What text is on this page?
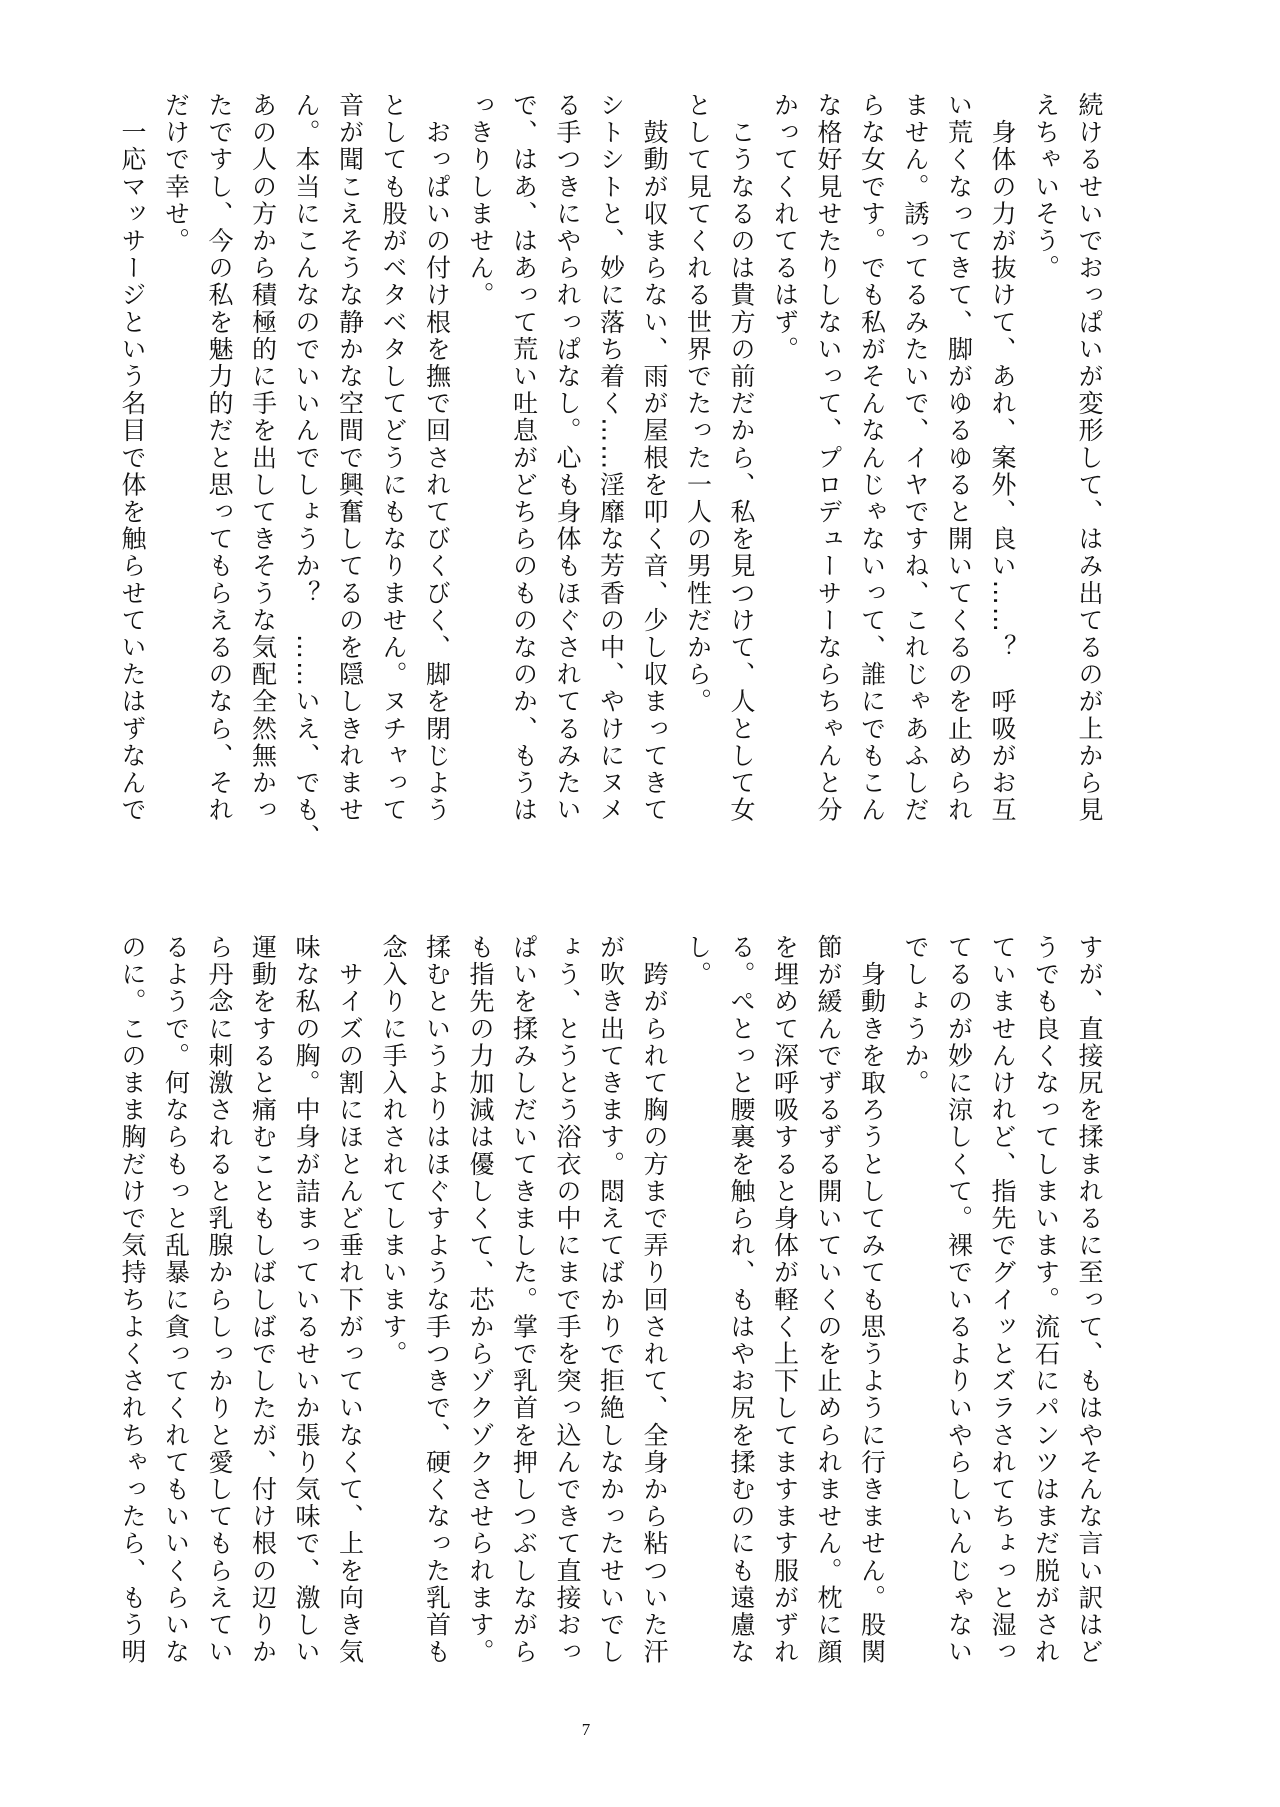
続けるせいでおっぱいが変形して、はみ出てるのが上から見
えちゃいそう。
　身体の力が抜けて、あれ、案外、良い……？　呼吸がお互
い荒くなってきて、脚がゆるゆると開いてくるのを止められ
ません。誘ってるみたいで、イヤですね、これじゃあふしだ
らな女です。でも私がそんなんじゃないって、誰にでもこん
な格好見せたりしないって、プロデューサーならちゃんと分
かってくれてるはず。
　こうなるのは貴方の前だから、私を見つけて、人として女
として見てくれる世界でたった一人の男性だから。
　鼓動が収まらない、雨が屋根を叩く音、少し収まってきて
シトシトと、妙に落ち着く……淫靡な芳香の中、やけにヌメ
る手つきにやられっぱなし。心も身体もほぐされてるみたい
で、はあ、はあって荒い吐息がどちらのものなのか、もうは
っきりしません。
　おっぱいの付け根を撫で回されてびくびく、脚を閉じよう
としても股がベタベタしてどうにもなりません。ヌチャって
音が聞こえそうな静かな空間で興奮してるのを隠しきれませ
ん。本当にこんなのでいいんでしょうか？　……いえ、でも、
あの人の方から積極的に手を出してきそうな気配全然無かっ
たですし、今の私を魅力的だと思ってもらえるのなら、それ
だけで幸せ。
　一応マッサージという名目で体を触らせていたはずなんで
すが、直接尻を揉まれるに至って、もはやそんな言い訳はど
うでも良くなってしまいます。流石にパンツはまだ脱がされ
ていませんけれど、指先でグイッとズラされてちょっと湿っ
てるのが妙に涼しくて。裸でいるよりいやらしいんじゃない
でしょうか。
　身動きを取ろうとしてみても思うように行きません。股関
節が緩んでずるずる開いていくのを止められません。枕に顔
を埋めて深呼吸すると身体が軽く上下してますます服がずれ
る。ぺとっと腰裏を触られ、もはやお尻を揉むのにも遠慮な
し。
　跨がられて胸の方まで弄り回されて、全身から粘ついた汗
が吹き出てきます。悶えてばかりで拒絶しなかったせいでし
ょう、とうとう浴衣の中にまで手を突っ込んできて直接おっ
ぱいを揉みしだいてきました。掌で乳首を押しつぶしながら
も指先の力加減は優しくて、芯からゾクゾクさせられます。
揉むというよりはほぐすような手つきで、硬くなった乳首も
念入りに手入れされてしまいます。
　サイズの割にほとんど垂れ下がっていなくて、上を向き気
味な私の胸。中身が詰まっているせいか張り気味で、激しい
運動をすると痛むこともしばしばでしたが、付け根の辺りか
ら丹念に刺激されると乳腺からしっかりと愛してもらえてい
るようで。何ならもっと乱暴に貪ってくれてもいいくらいな
のに。このまま胸だけで気持ちよくされちゃったら、もう明
7
